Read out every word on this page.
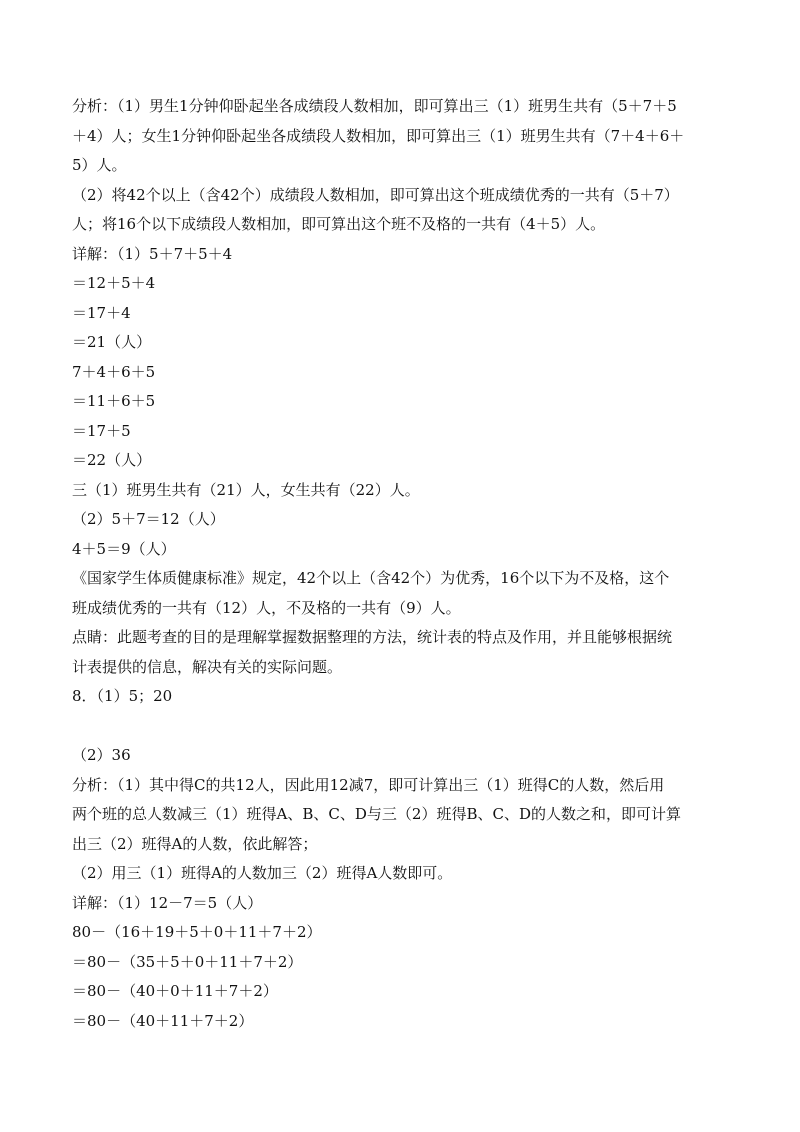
分析：（1）男生1分钟仰卧起坐各成绩段人数相加，即可算出三（1）班男生共有（5＋7＋5
＋4）人；女生1分钟仰卧起坐各成绩段人数相加，即可算出三（1）班男生共有（7＋4＋6＋
5）人。
（2）将42个以上（含42个）成绩段人数相加，即可算出这个班成绩优秀的一共有（5＋7）
人；将16个以下成绩段人数相加，即可算出这个班不及格的一共有（4＋5）人。
详解：（1）5＋7＋5＋4
＝12＋5＋4
＝17＋4
＝21（人）
7＋4＋6＋5
＝11＋6＋5
＝17＋5
＝22（人）
三（1）班男生共有（21）人，女生共有（22）人。
（2）5＋7＝12（人）
4＋5＝9（人）
《国家学生体质健康标准》规定，42个以上（含42个）为优秀，16个以下为不及格，这个
班成绩优秀的一共有（12）人，不及格的一共有（9）人。
点睛：此题考查的目的是理解掌握数据整理的方法，统计表的特点及作用，并且能够根据统
计表提供的信息，解决有关的实际问题。
8．（1）5；20
（2）36
分析：（1）其中得C的共12人，因此用12减7，即可计算出三（1）班得C的人数，然后用
两个班的总人数减三（1）班得A、B、C、D与三（2）班得B、C、D的人数之和，即可计算
出三（2）班得A的人数，依此解答；
（2）用三（1）班得A的人数加三（2）班得A人数即可。
详解：（1）12－7＝5（人）
80－（16＋19＋5＋0＋11＋7＋2）
＝80－（35＋5＋0＋11＋7＋2）
＝80－（40＋0＋11＋7＋2）
＝80－（40＋11＋7＋2）
